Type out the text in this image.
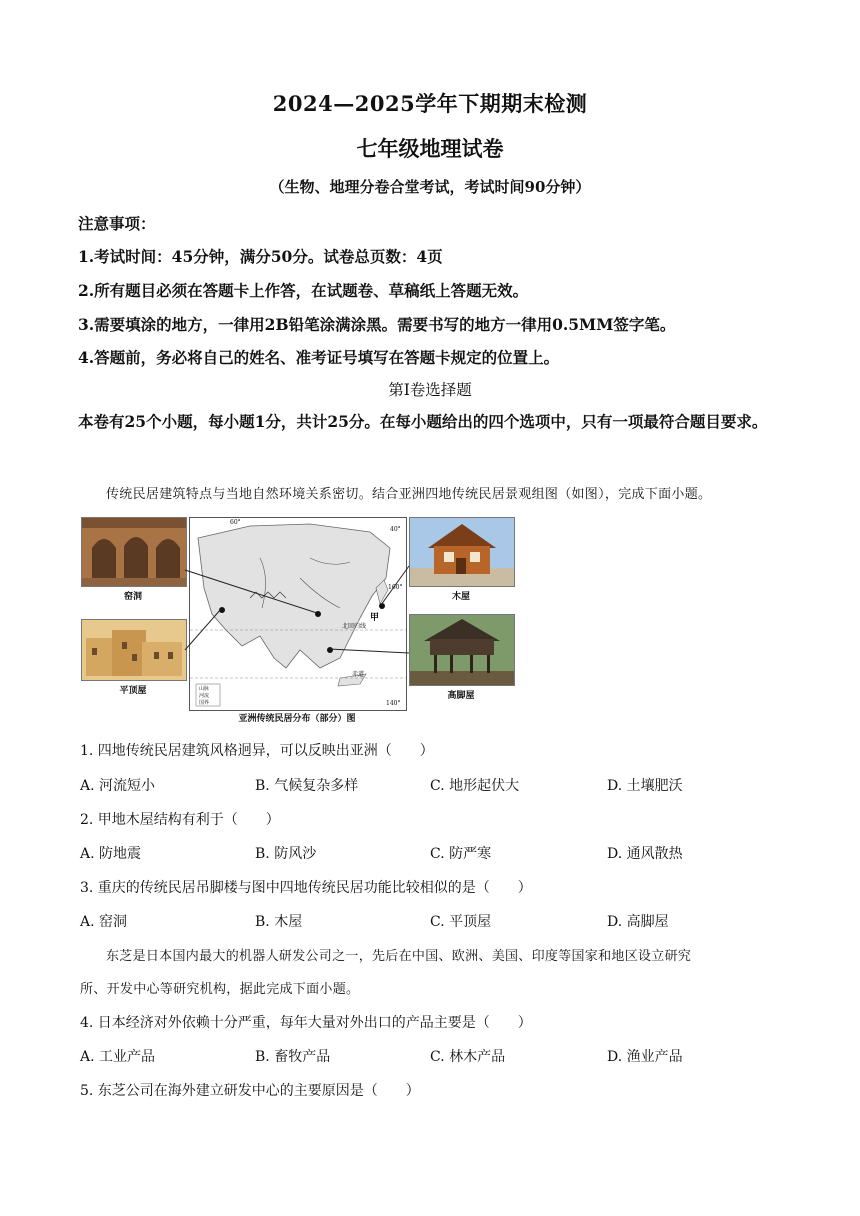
2024—2025学年下期期末检测
七年级地理试卷
（生物、地理分卷合堂考试，考试时间90分钟）
注意事项：
1.考试时间：45分钟，满分50分。试卷总页数：4页
2.所有题目必须在答题卡上作答，在试题卷、草稿纸上答题无效。
3.需要填涂的地方，一律用2B铅笔涂满涂黑。需要书写的地方一律用0.5MM签字笔。
4.答题前，务必将自己的姓名、准考证号填写在答题卡规定的位置上。
第Ⅰ卷选择题
本卷有25个小题，每小题1分，共计25分。在每小题给出的四个选项中，只有一项最符合题目要求。
传统民居建筑特点与当地自然环境关系密切。结合亚洲四地传统民居景观组图（如图），完成下面小题。
窑洞
平顶屋
木屋
高脚屋
甲
北回归线
赤道
160°
140°
40°
60°
山脉
河流
国界
亚洲传统民居分布（部分）图
1. 四地传统民居建筑风格迥异，可以反映出亚洲（　　）
A. 河流短小	B. 气候复杂多样	C. 地形起伏大	D. 土壤肥沃
2. 甲地木屋结构有利于（　　）
A. 防地震	B. 防风沙	C. 防严寒	D. 通风散热
3. 重庆的传统民居吊脚楼与图中四地传统民居功能比较相似的是（　　）
A. 窑洞	B. 木屋	C. 平顶屋	D. 高脚屋
东芝是日本国内最大的机器人研发公司之一，先后在中国、欧洲、美国、印度等国家和地区设立研究
所、开发中心等研究机构，据此完成下面小题。
4. 日本经济对外依赖十分严重，每年大量对外出口的产品主要是（　　）
A. 工业产品	B. 畜牧产品	C. 林木产品	D. 渔业产品
5. 东芝公司在海外建立研发中心的主要原因是（　　）
